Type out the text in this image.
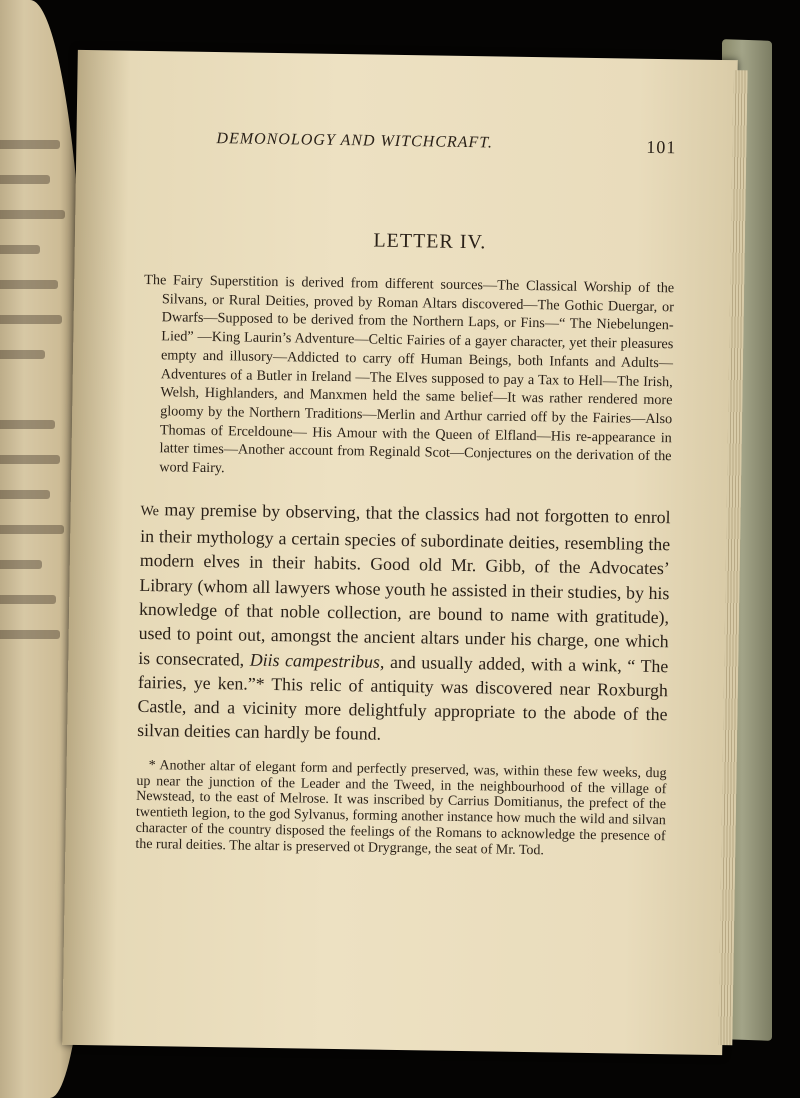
DEMONOLOGY AND WITCHCRAFT.	101
LETTER IV.
The Fairy Superstition is derived from different sources—The Classical Worship of the Silvans, or Rural Deities, proved by Roman Altars discovered—The Gothic Duergar, or Dwarfs—Supposed to be derived from the Northern Laps, or Fins—“ The Niebelungen-Lied” —King Laurin’s Adventure—Celtic Fairies of a gayer character, yet their pleasures empty and illusory—Addicted to carry off Human Beings, both Infants and Adults—Adventures of a Butler in Ireland —The Elves supposed to pay a Tax to Hell—The Irish, Welsh, Highlanders, and Manxmen held the same belief—It was rather rendered more gloomy by the Northern Traditions—Merlin and Arthur carried off by the Fairies—Also Thomas of Erceldoune— His Amour with the Queen of Elfland—His re-appearance in latter times—Another account from Reginald Scot—Conjectures on the derivation of the word Fairy.
We may premise by observing, that the classics had not forgotten to enrol in their mythology a certain species of subordinate deities, resembling the modern elves in their habits. Good old Mr. Gibb, of the Advocates’ Library (whom all lawyers whose youth he assisted in their studies, by his knowledge of that noble collection, are bound to name with gratitude), used to point out, amongst the ancient altars under his charge, one which is consecrated, Diis campestribus, and usually added, with a wink, “ The fairies, ye ken.”* This relic of antiquity was discovered near Roxburgh Castle, and a vicinity more delightfuly appropriate to the abode of the silvan deities can hardly be found.
* Another altar of elegant form and perfectly preserved, was, within these few weeks, dug up near the junction of the Leader and the Tweed, in the neighbourhood of the village of Newstead, to the east of Melrose. It was inscribed by Carrius Domitianus, the prefect of the twentieth legion, to the god Sylvanus, forming another instance how much the wild and silvan character of the country disposed the feelings of the Romans to acknowledge the presence of the rural deities. The altar is preserved ot Drygrange, the seat of Mr. Tod.
